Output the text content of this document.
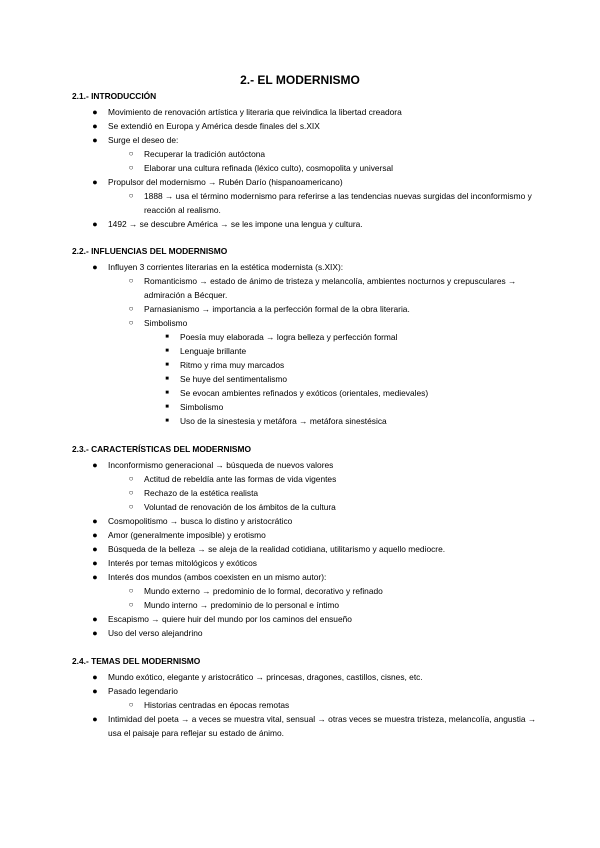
2.- EL MODERNISMO
2.1.- INTRODUCCIÓN
● Movimiento de renovación artística y literaria que reivindica la libertad creadora
● Se extendió en Europa y América desde finales del s.XIX
● Surge el deseo de:
○	Recuperar la tradición autóctona
○	Elaborar una cultura refinada (léxico culto), cosmopolita y universal
● Propulsor del modernismo → Rubén Darío (hispanoamericano)
○	1888 → usa el término modernismo para referirse a las tendencias nuevas surgidas del inconformismo y reacción al realismo.
● 1492 → se descubre América → se les impone una lengua y cultura.
2.2.- INFLUENCIAS DEL MODERNISMO
● Influyen 3 corrientes literarias en la estética modernista (s.XIX):
○	Romanticismo → estado de ánimo de tristeza y melancolía, ambientes nocturnos y crepusculares → admiración a Bécquer.
○	Parnasianismo → importancia a la perfección formal de la obra literaria.
○	Simbolismo
■	Poesía muy elaborada → logra belleza y perfección formal
■	Lenguaje brillante
■	Ritmo y rima muy marcados
■	Se huye del sentimentalismo
■	Se evocan ambientes refinados y exóticos (orientales, medievales)
■	Simbolismo
■	Uso de la sinestesia y metáfora → metáfora sinestésica
2.3.- CARACTERÍSTICAS DEL MODERNISMO
● Inconformismo generacional → búsqueda de nuevos valores
○	Actitud de rebeldía ante las formas de vida vigentes
○	Rechazo de la estética realista
○	Voluntad de renovación de los ámbitos de la cultura
● Cosmopolitismo → busca lo distino y aristocrático
● Amor (generalmente imposible) y erotismo
● Búsqueda de la belleza → se aleja de la realidad cotidiana, utilitarismo y aquello mediocre.
● Interés por temas mitológicos y exóticos
● Interés dos mundos (ambos coexisten en un mismo autor):
○	Mundo externo → predominio de lo formal, decorativo y refinado
○	Mundo interno → predominio de lo personal e íntimo
● Escapismo → quiere huir del mundo por los caminos del ensueño
● Uso del verso alejandrino
2.4.- TEMAS DEL MODERNISMO
● Mundo exótico, elegante y aristocrático → princesas, dragones, castillos, cisnes, etc.
● Pasado legendario
○	Historias centradas en épocas remotas
● Intimidad del poeta → a veces se muestra vital, sensual → otras veces se muestra tristeza, melancolía, angustia → usa el paisaje para reflejar su estado de ánimo.
